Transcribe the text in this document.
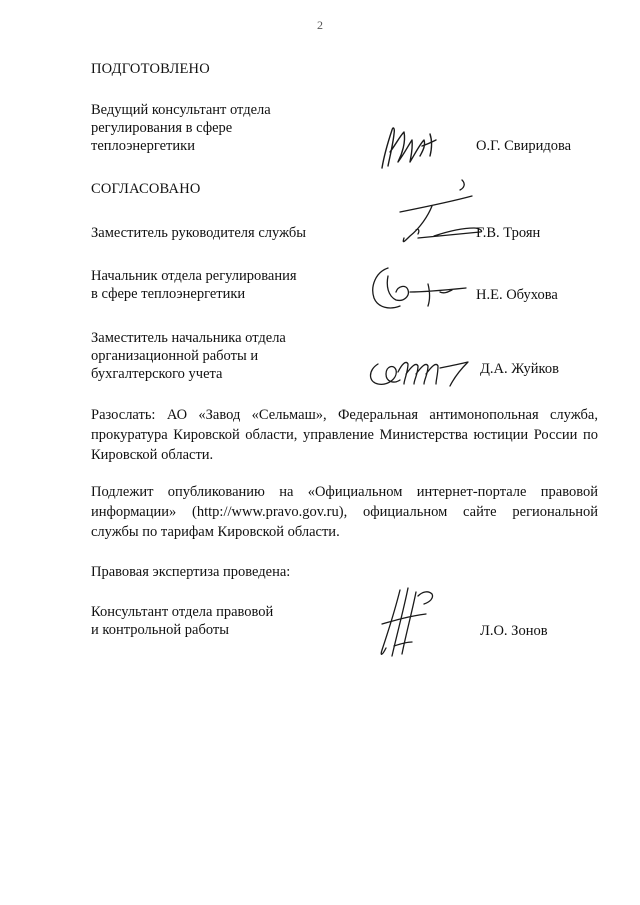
2
ПОДГОТОВЛЕНО
Ведущий консультант отдела
регулирования в сфере
теплоэнергетики	О.Г. Свиридова
СОГЛАСОВАНО
Заместитель руководителя службы	Г.В. Троян
Начальник отдела регулирования
в сфере теплоэнергетики	Н.Е. Обухова
Заместитель начальника отдела
организационной работы и
бухгалтерского учета	Д.А. Жуйков
Разослать: АО «Завод «Сельмаш», Федеральная антимонопольная служба, прокуратура Кировской области, управление Министерства юстиции России по Кировской области.
Подлежит опубликованию на «Официальном интернет-портале правовой информации» (http://www.pravo.gov.ru), официальном сайте региональной службы по тарифам Кировской области.
Правовая экспертиза проведена:
Консультант отдела правовой
и контрольной работы	Л.О. Зонов
